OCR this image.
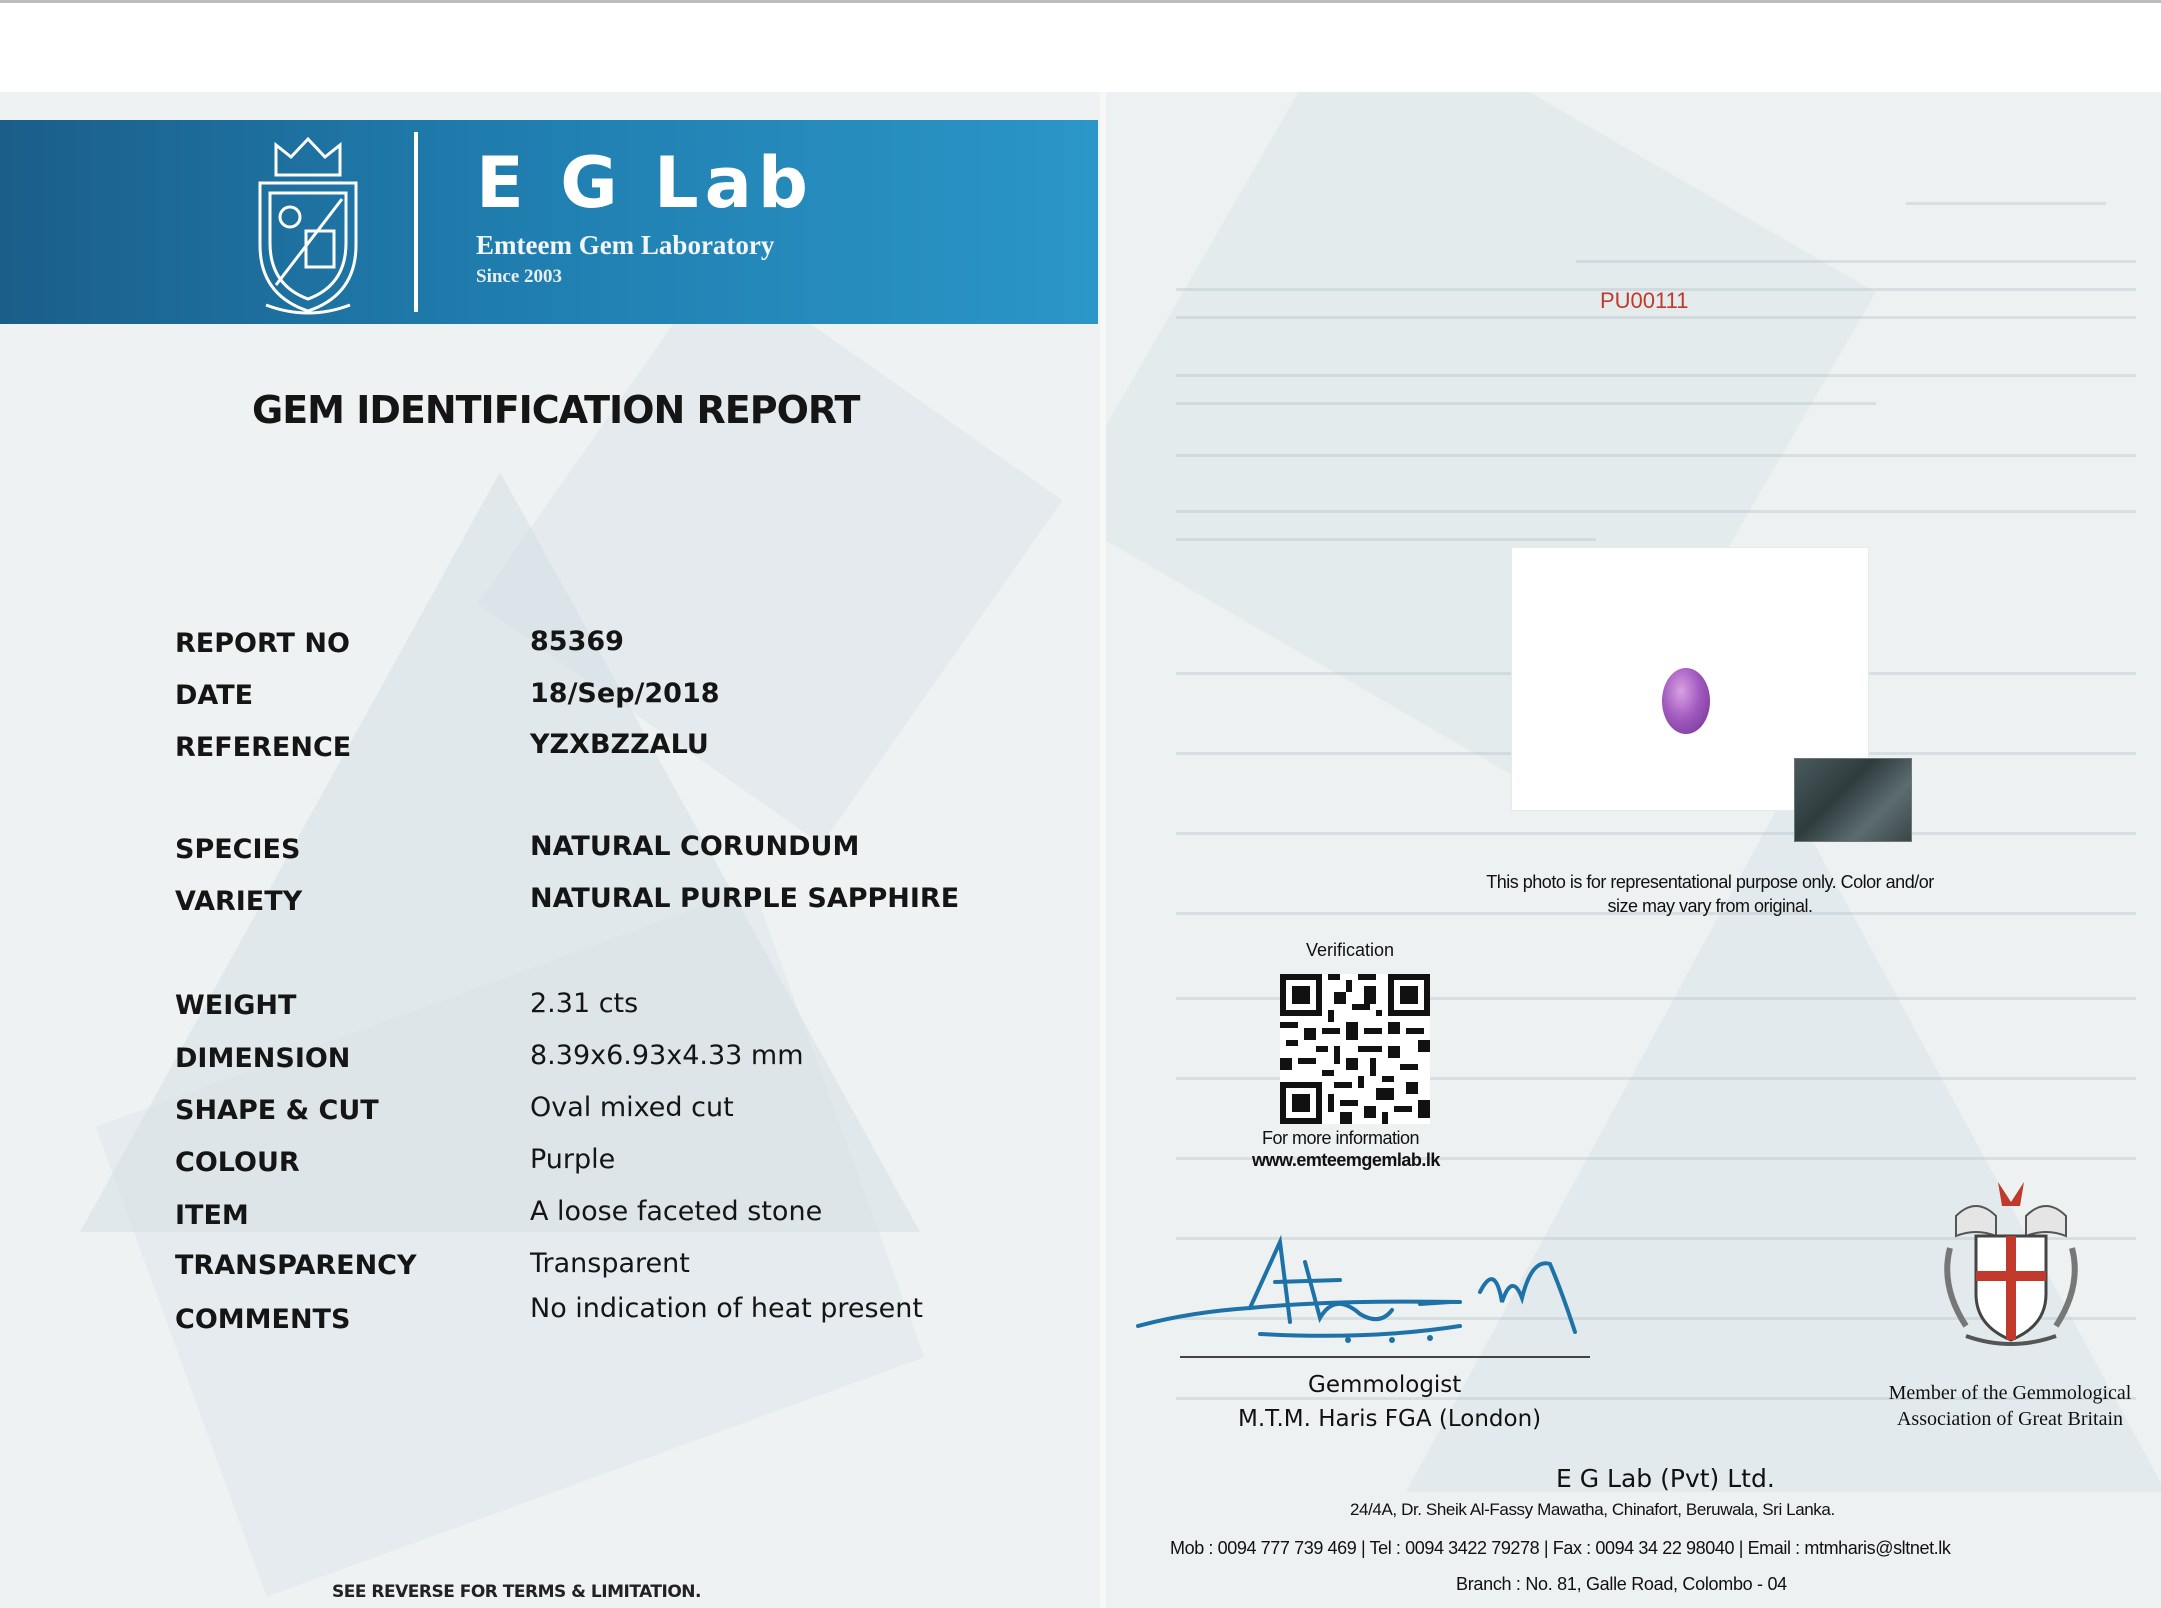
E G Lab
Emteem Gem Laboratory
Since 2003
GEM IDENTIFICATION REPORT
REPORT NO	85369
DATE	18/Sep/2018
REFERENCE	YZXBZZALU
SPECIES	NATURAL CORUNDUM
VARIETY	NATURAL PURPLE SAPPHIRE
WEIGHT	2.31 cts
DIMENSION	8.39x6.93x4.33 mm
SHAPE & CUT	Oval mixed cut
COLOUR	Purple
ITEM	A loose faceted stone
TRANSPARENCY	Transparent
COMMENTS	No indication of heat present
SEE REVERSE FOR TERMS & LIMITATION.
PU00111
This photo is for representational purpose only. Color and/or
size may vary from original.
Verification
For more information
www.emteemgemlab.lk
Gemmologist
M.T.M. Haris FGA (London)
Member of the Gemmological
Association of Great Britain
E G Lab (Pvt) Ltd.
24/4A, Dr. Sheik Al-Fassy Mawatha, Chinafort, Beruwala, Sri Lanka.
Mob : 0094 777 739 469 | Tel : 0094 3422 79278 | Fax : 0094 34 22 98040 | Email : mtmharis@sltnet.lk
Branch : No. 81, Galle Road, Colombo - 04
